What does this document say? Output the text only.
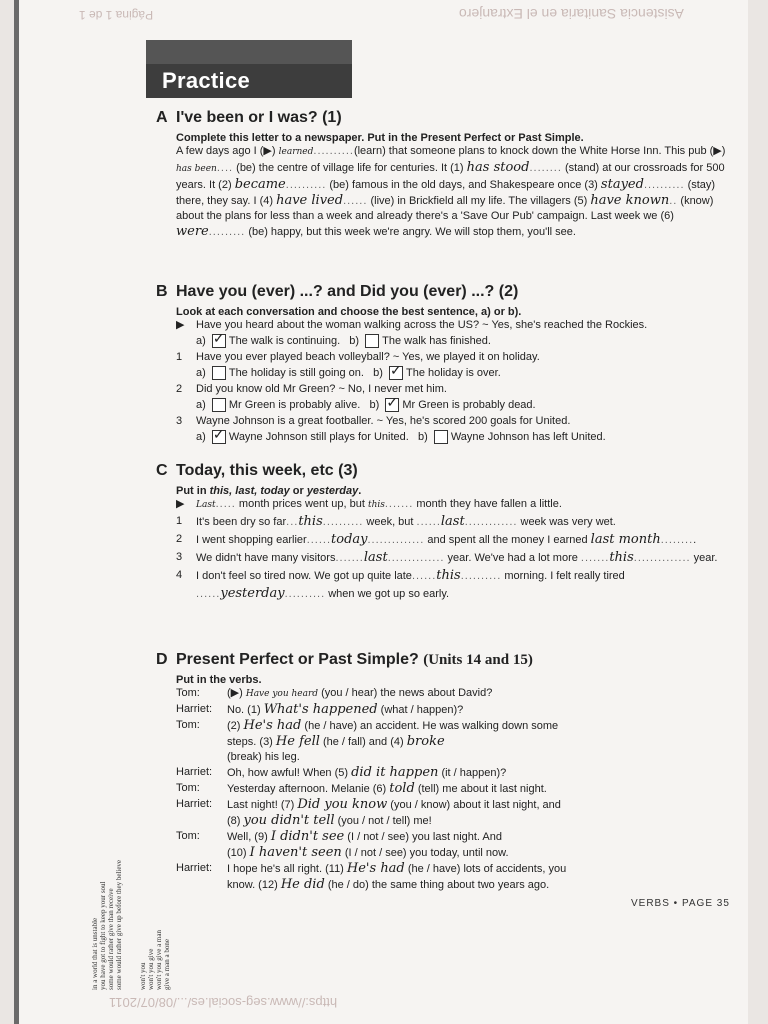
Página 1 de 1	Asistencia Sanitaria en el Extranjero
https://www.seg-social.es/.../08/07/2011
Practice
A I've been or I was? (1)
Complete this letter to a newspaper. Put in the Present Perfect or Past Simple.
A few days ago I (▶) learned..........(learn) that someone plans to knock down the White Horse Inn. This pub (▶) has been.... (be) the centre of village life for centuries. It (1) has stood........ (stand) at our crossroads for 500 years. It (2) became.......... (be) famous in the old days, and Shakespeare once (3) stayed.......... (stay) there, they say. I (4) have lived...... (live) in Brickfield all my life. The villagers (5) have known.. (know) about the plans for less than a week and already there's a 'Save Our Pub' campaign. Last week we (6) were......... (be) happy, but this week we're angry. We will stop them, you'll see.
B Have you (ever) ...? and Did you (ever) ...? (2)
Look at each conversation and choose the best sentence, a) or b).
▶	Have you heard about the woman walking across the US? ~ Yes, she's reached the Rockies.
a) ✓ The walk is continuing.   b)
The walk has finished.
1	Have you ever played beach volleyball? ~ Yes, we played it on holiday.
a)
The holiday is still going on.   b) ✓ The holiday is over.
2	Did you know old Mr Green? ~ No, I never met him.
a)
Mr Green is probably alive.   b) ✓ Mr Green is probably dead.
3	Wayne Johnson is a great footballer. ~ Yes, he's scored 200 goals for United.
a) ✓ Wayne Johnson still plays for United.   b)
Wayne Johnson has left United.
C Today, this week, etc (3)
Put in this, last, today or yesterday.
▶	Last..... month prices went up, but this....... month they have fallen a little.
1	It's been dry so far...this.......... week, but ......last............. week was very wet.
2	I went shopping earlier......today.............. and spent all the money I earned last month.........
3	We didn't have many visitors.......last.............. year. We've had a lot more .......this.............. year.
4	I don't feel so tired now. We got up quite late......this.......... morning. I felt really tired ......yesterday.......... when we got up so early.
D Present Perfect or Past Simple? (Units 14 and 15)
Put in the verbs.
Tom:	(▶) Have you heard (you / hear) the news about David?
Harriet:	No. (1) What's happened (what / happen)?
Tom:	(2) He's had (he / have) an accident. He was walking down some
steps. (3) He fell (he / fall) and (4) broke
(break) his leg.
Harriet:	Oh, how awful! When (5) did it happen (it / happen)?
Tom:	Yesterday afternoon. Melanie (6) told (tell) me about it last night.
Harriet:	Last night! (7) Did you know (you / know) about it last night, and
(8) you didn't tell (you / not / tell) me!
Tom:	Well, (9) I didn't see (I / not / see) you last night. And
(10) I haven't seen (I / not / see) you today, until now.
Harriet:	I hope he's all right. (11) He's had (he / have) lots of accidents, you
know. (12) He did (he / do) the same thing about two years ago.
VERBS • PAGE 35
in a world that is unstable you have got to fight to keep your soul some would rather give than receive some would rather give up before they believe won't you won't you give won't you give a man give a man a bone
